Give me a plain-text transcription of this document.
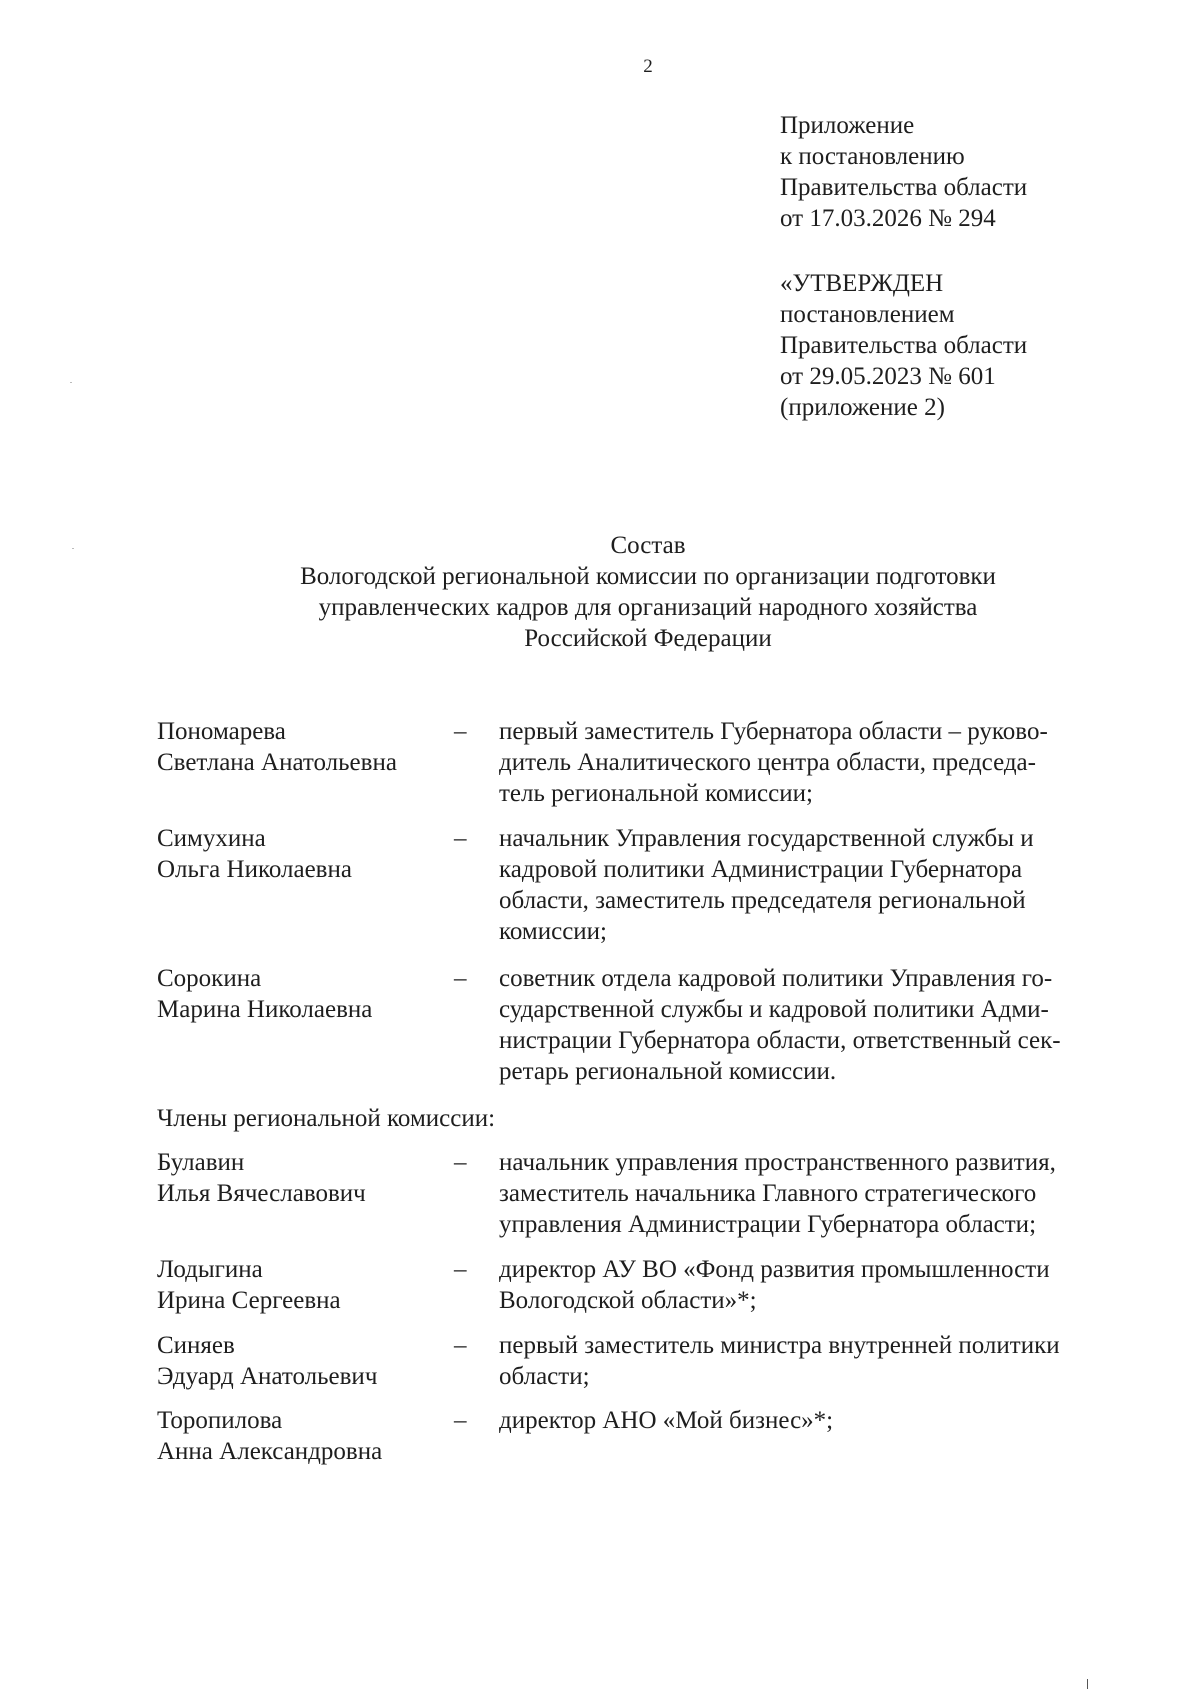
2
Приложение
к постановлению
Правительства области
от 17.03.2026 № 294
«УТВЕРЖДЕН
постановлением
Правительства области
от 29.05.2023 № 601
(приложение 2)
Состав
Вологодской региональной комиссии по организации подготовки
управленческих кадров для организаций народного хозяйства
Российской Федерации
Пономарева
Светлана Анатольевна
–	первый заместитель Губернатора области – руково-
дитель Аналитического центра области, председа-
тель региональной комиссии;
Симухина
Ольга Николаевна
–	начальник Управления государственной службы и
кадровой политики Администрации Губернатора
области, заместитель председателя региональной
комиссии;
Сорокина
Марина Николаевна
–	советник отдела кадровой политики Управления го-
сударственной службы и кадровой политики Адми-
нистрации Губернатора области, ответственный сек-
ретарь региональной комиссии.
Члены региональной комиссии:
Булавин
Илья Вячеславович
–	начальник управления пространственного развития,
заместитель начальника Главного стратегического
управления Администрации Губернатора области;
Лодыгина
Ирина Сергеевна
–	директор АУ ВО «Фонд развития промышленности
Вологодской области»*;
Синяев
Эдуард Анатольевич
–	первый заместитель министра внутренней политики
области;
Торопилова
Анна Александровна
–	директор АНО «Мой бизнес»*;
